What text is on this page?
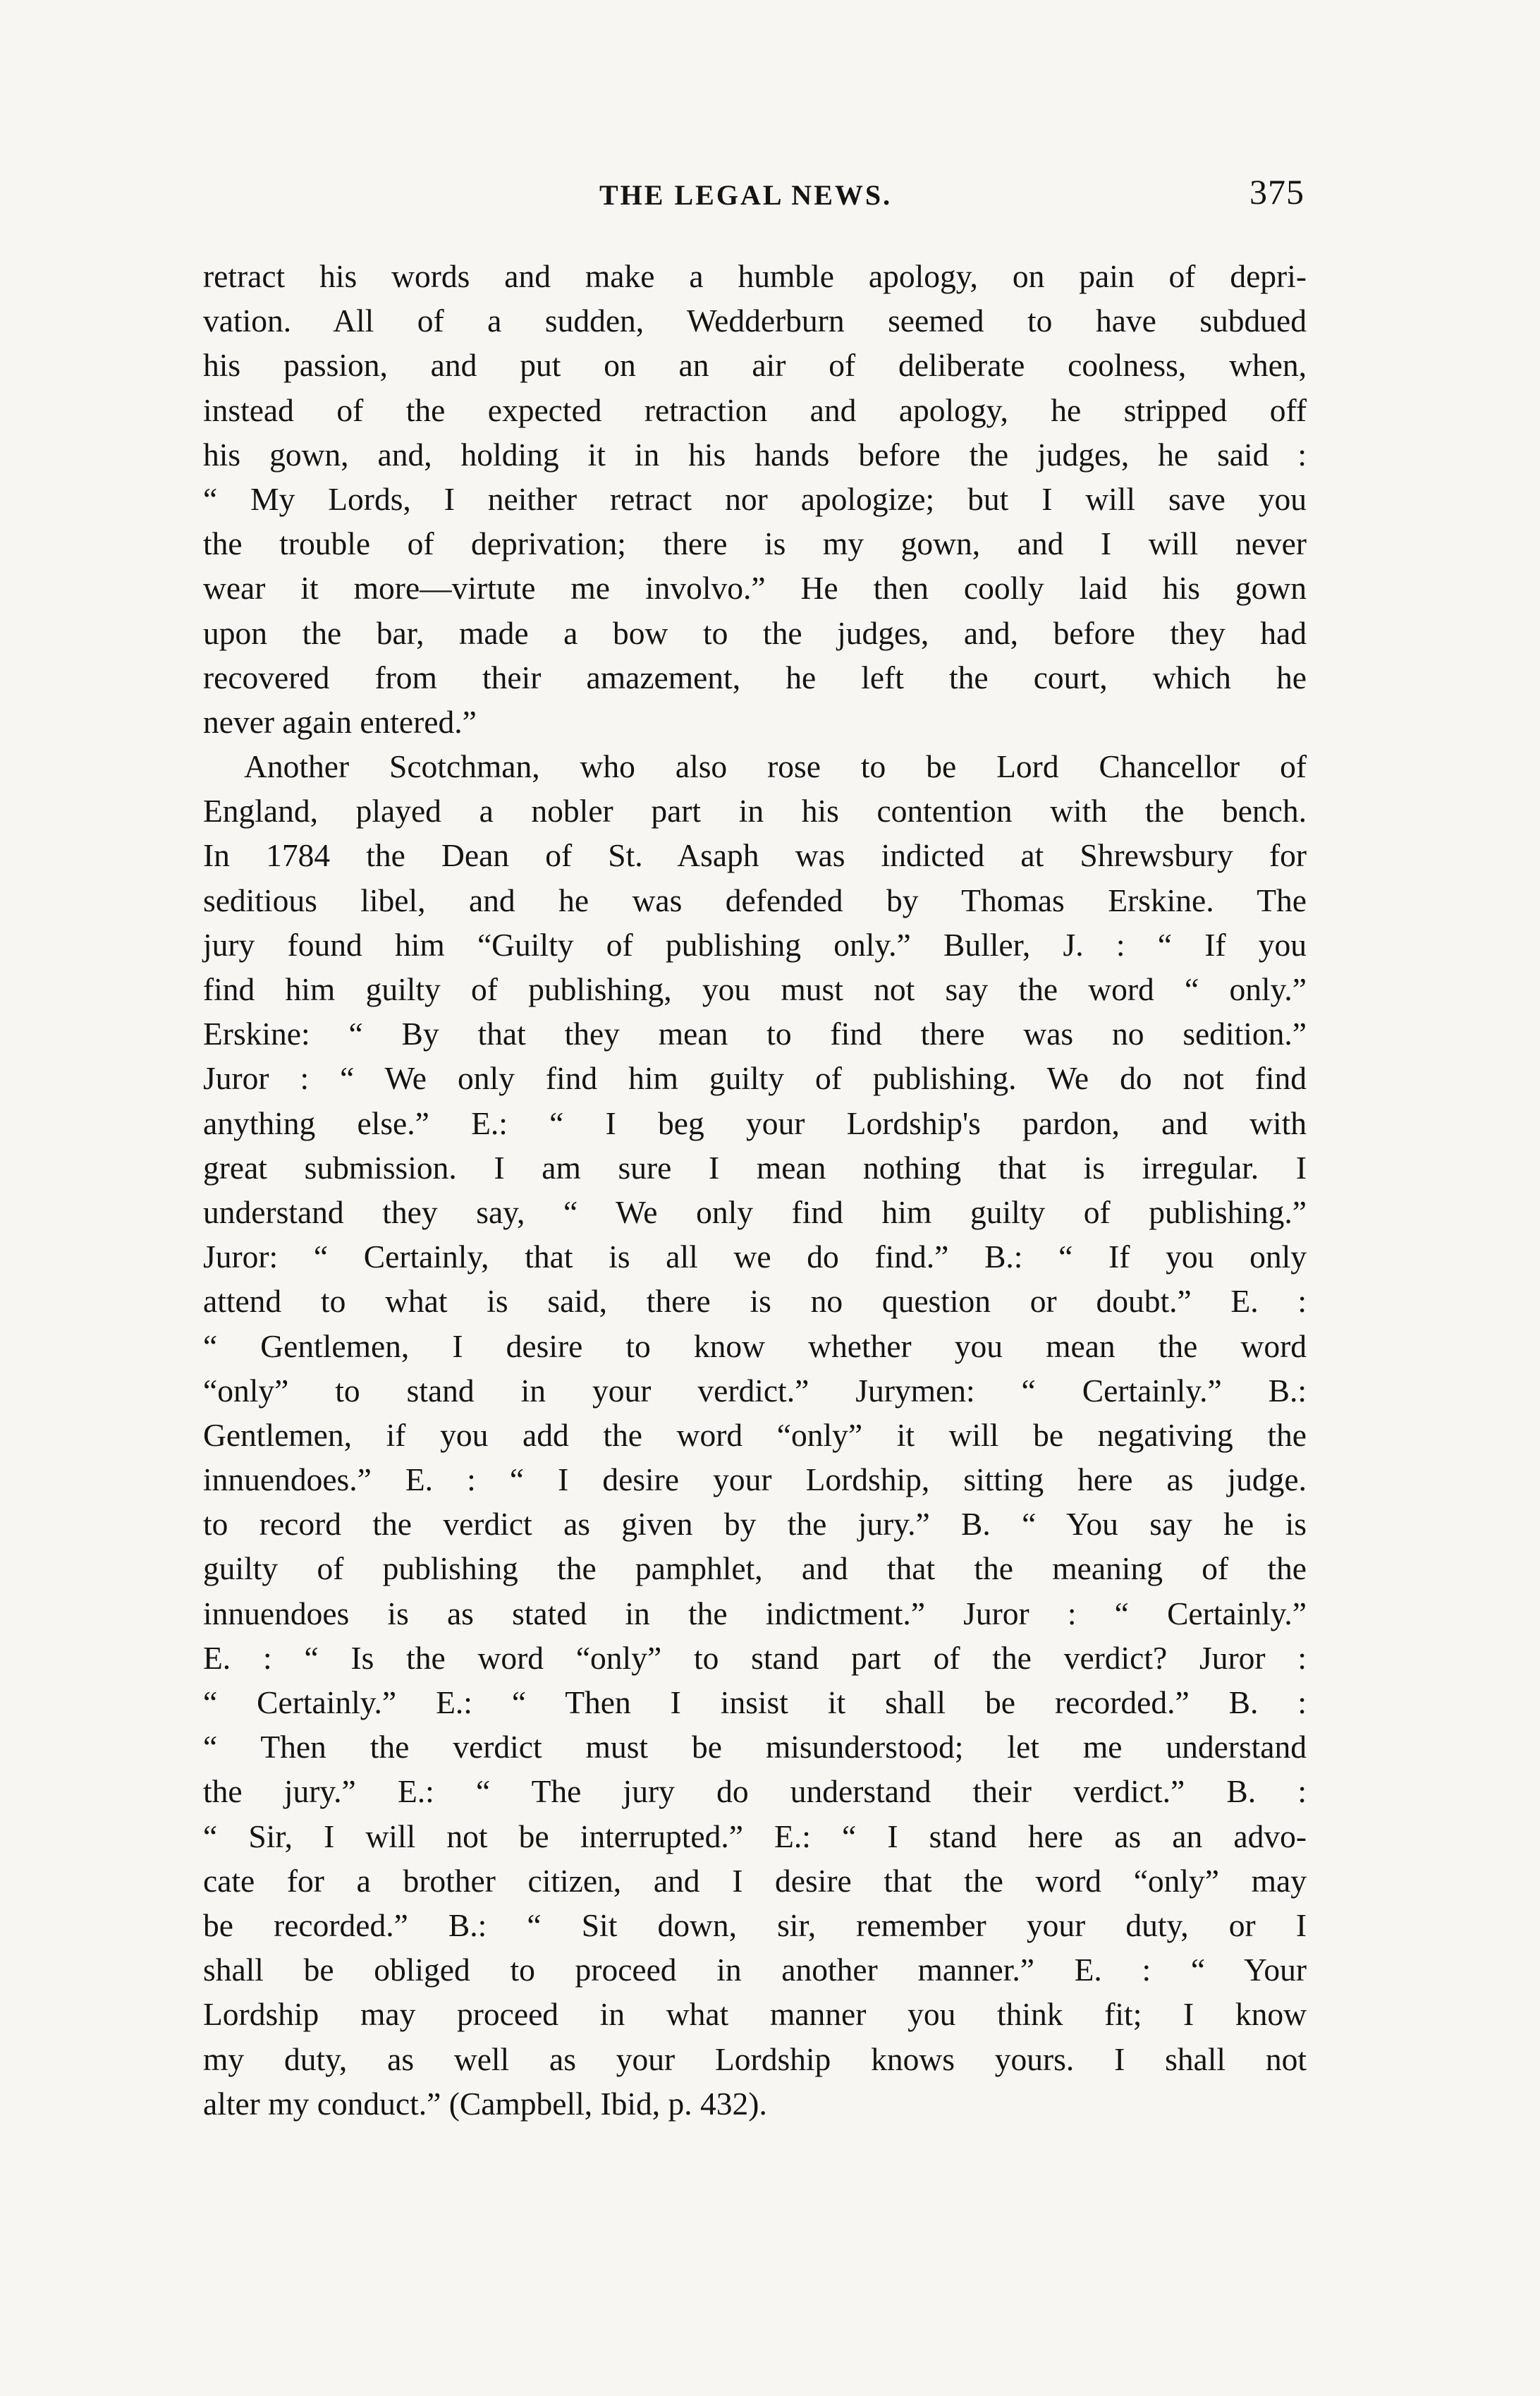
THE LEGAL NEWS.	375
retract his words and make a humble apology, on pain of depri-
vation. All of a sudden, Wedderburn seemed to have subdued
his passion, and put on an air of deliberate coolness, when,
instead of the expected retraction and apology, he stripped off
his gown, and, holding it in his hands before the judges, he said :
“ My Lords, I neither retract nor apologize; but I will save you
the trouble of deprivation; there is my gown, and I will never
wear it more—virtute me involvo.” He then coolly laid his gown
upon the bar, made a bow to the judges, and, before they had
recovered from their amazement, he left the court, which he
never again entered.”
Another Scotchman, who also rose to be Lord Chancellor of
England, played a nobler part in his contention with the bench.
In 1784 the Dean of St. Asaph was indicted at Shrewsbury for
seditious libel, and he was defended by Thomas Erskine. The
jury found him “Guilty of publishing only.” Buller, J. : “ If you
find him guilty of publishing, you must not say the word “ only.”
Erskine: “ By that they mean to find there was no sedition.”
Juror : “ We only find him guilty of publishing. We do not find
anything else.” E.: “ I beg your Lordship's pardon, and with
great submission. I am sure I mean nothing that is irregular. I
understand they say, “ We only find him guilty of publishing.”
Juror: “ Certainly, that is all we do find.” B.: “ If you only
attend to what is said, there is no question or doubt.” E. :
“ Gentlemen, I desire to know whether you mean the word
“only” to stand in your verdict.” Jurymen: “ Certainly.” B.:
Gentlemen, if you add the word “only” it will be negativing the
innuendoes.” E. : “ I desire your Lordship, sitting here as judge.
to record the verdict as given by the jury.” B. “ You say he is
guilty of publishing the pamphlet, and that the meaning of the
innuendoes is as stated in the indictment.” Juror : “ Certainly.”
E. : “ Is the word “only” to stand part of the verdict? Juror :
“ Certainly.” E.: “ Then I insist it shall be recorded.” B. :
“ Then the verdict must be misunderstood; let me understand
the jury.” E.: “ The jury do understand their verdict.” B. :
“ Sir, I will not be interrupted.” E.: “ I stand here as an advo-
cate for a brother citizen, and I desire that the word “only” may
be recorded.” B.: “ Sit down, sir, remember your duty, or I
shall be obliged to proceed in another manner.” E. : “ Your
Lordship may proceed in what manner you think fit; I know
my duty, as well as your Lordship knows yours. I shall not
alter my conduct.” (Campbell, Ibid, p. 432).
